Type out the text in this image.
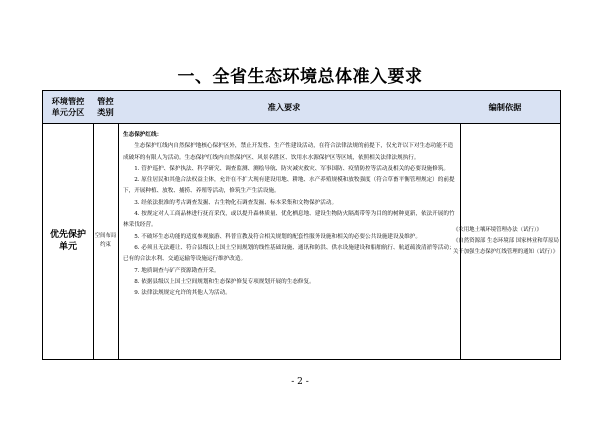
一、全省生态环境总体准入要求
环境管控
单元分区
管控
类别
准入要求	编制依据
优先保护
单元
空间布局
约束
生态保护红线：
生态保护红线内自然保护地核心保护区外，禁止开发性、生产性建设活动，在符合法律法规的前提下，仅允许以下对生态功能不造成破坏的有限人为活动。生态保护红线内自然保护区、风景名胜区、饮用水水源保护区等区域，依照相关法律法规执行。
1. 管护巡护、保护执法、科学研究、调查监测、测绘导航、防灾减灾救灾、军事国防、疫情防控等活动及相关的必要设施修筑。
2. 原住居民和其他合法权益主体，允许在不扩大现有建设用地、耕地、水产养殖规模和放牧强度（符合草畜平衡管理规定）的前提下，开展种植、放牧、捕捞、养殖等活动，修筑生产生活设施。
3. 经依法批准的考古调查发掘、古生物化石调查发掘、标本采集和文物保护活动。
4. 按规定对人工商品林进行抚育采伐，或以提升森林质量、优化栖息地、建设生物防火隔离带等为目的的树种更新，依法开展的竹林采伐经营。
5. 不破坏生态功能的适度参观旅游、科普宣教及符合相关规划的配套性服务设施和相关的必要公共设施建设及维护。
6. 必须且无法避让、符合县级以上国土空间规划的线性基础设施、通讯和防洪、供水设施建设和船舶航行、航道疏浚清淤等活动；已有的合法水利、交通运输等设施运行维护改造。
7. 地质调查与矿产资源勘查开采。
8. 依据县级以上国土空间规划和生态保护修复专项规划开展的生态修复。
9. 法律法规规定允许的其他人为活动。
《农用地土壤环境管理办法（试行）》
《自然资源部 生态环境部 国家林业和草原局关于加强生态保护红线管理的通知（试行）》
- 2 -
